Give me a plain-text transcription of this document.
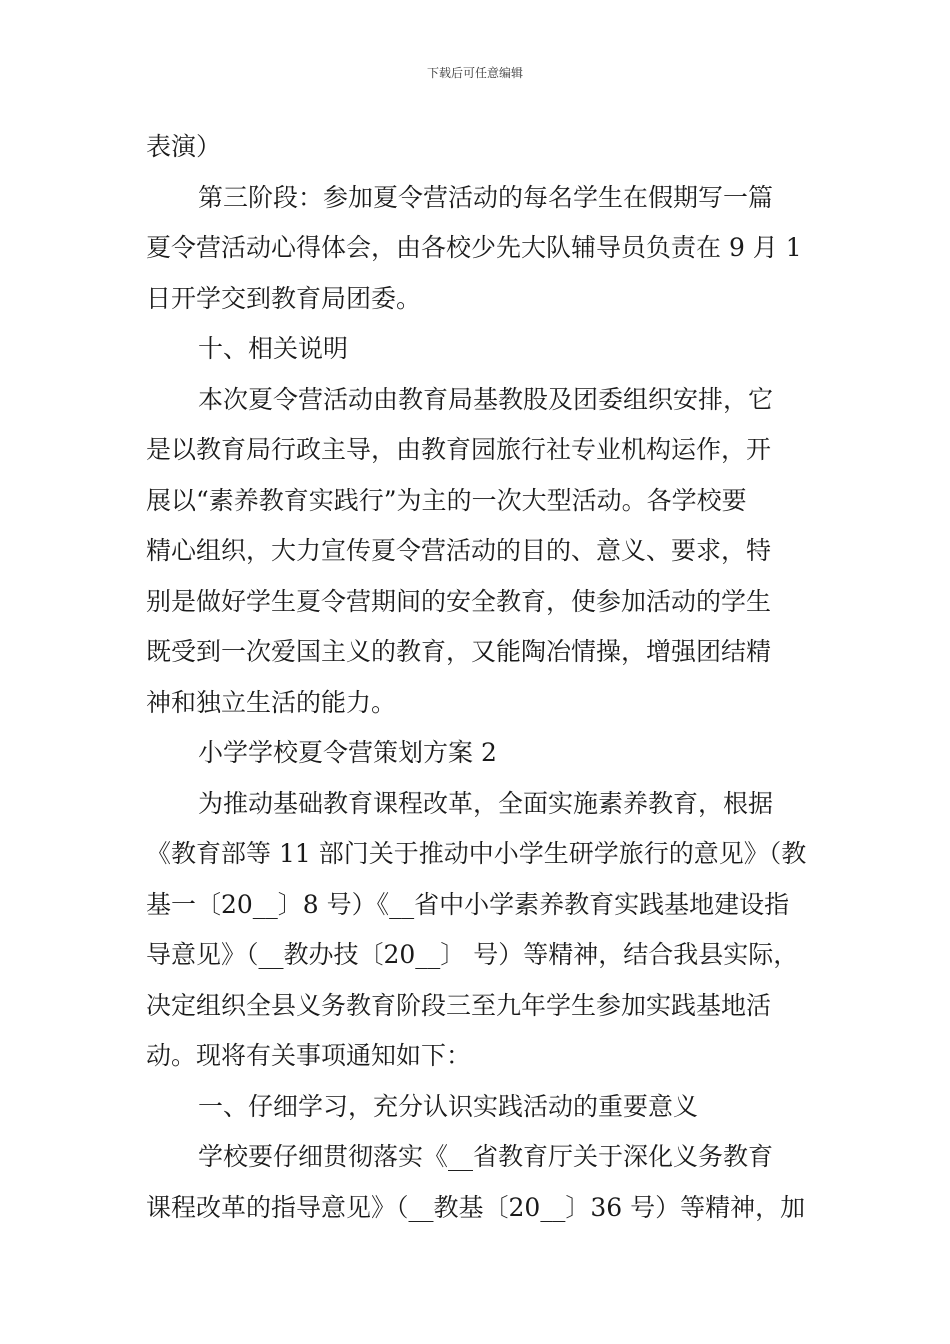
下载后可任意编辑

表演）

第三阶段：参加夏令营活动的每名学生在假期写一篇

夏令营活动心得体会，由各校少先大队辅导员负责在 9 月 1

日开学交到教育局团委。

十、相关说明

本次夏令营活动由教育局基教股及团委组织安排，它

是以教育局行政主导，由教育园旅行社专业机构运作，开

展以“素养教育实践行”为主的一次大型活动。各学校要

精心组织，大力宣传夏令营活动的目的、意义、要求，特

别是做好学生夏令营期间的安全教育，使参加活动的学生

既受到一次爱国主义的教育，又能陶冶情操，增强团结精

神和独立生活的能力。

小学学校夏令营策划方案 2

为推动基础教育课程改革，全面实施素养教育，根据

《教育部等 11 部门关于推动中小学生研学旅行的意见》（教

基一〔20__〕8 号）《__省中小学素养教育实践基地建设指

导意见》（__教办技〔20__〕 号）等精神，结合我县实际，

决定组织全县义务教育阶段三至九年学生参加实践基地活

动。现将有关事项通知如下：

一、仔细学习，充分认识实践活动的重要意义

学校要仔细贯彻落实《__省教育厅关于深化义务教育

课程改革的指导意见》（__教基〔20__〕36 号）等精神，加
